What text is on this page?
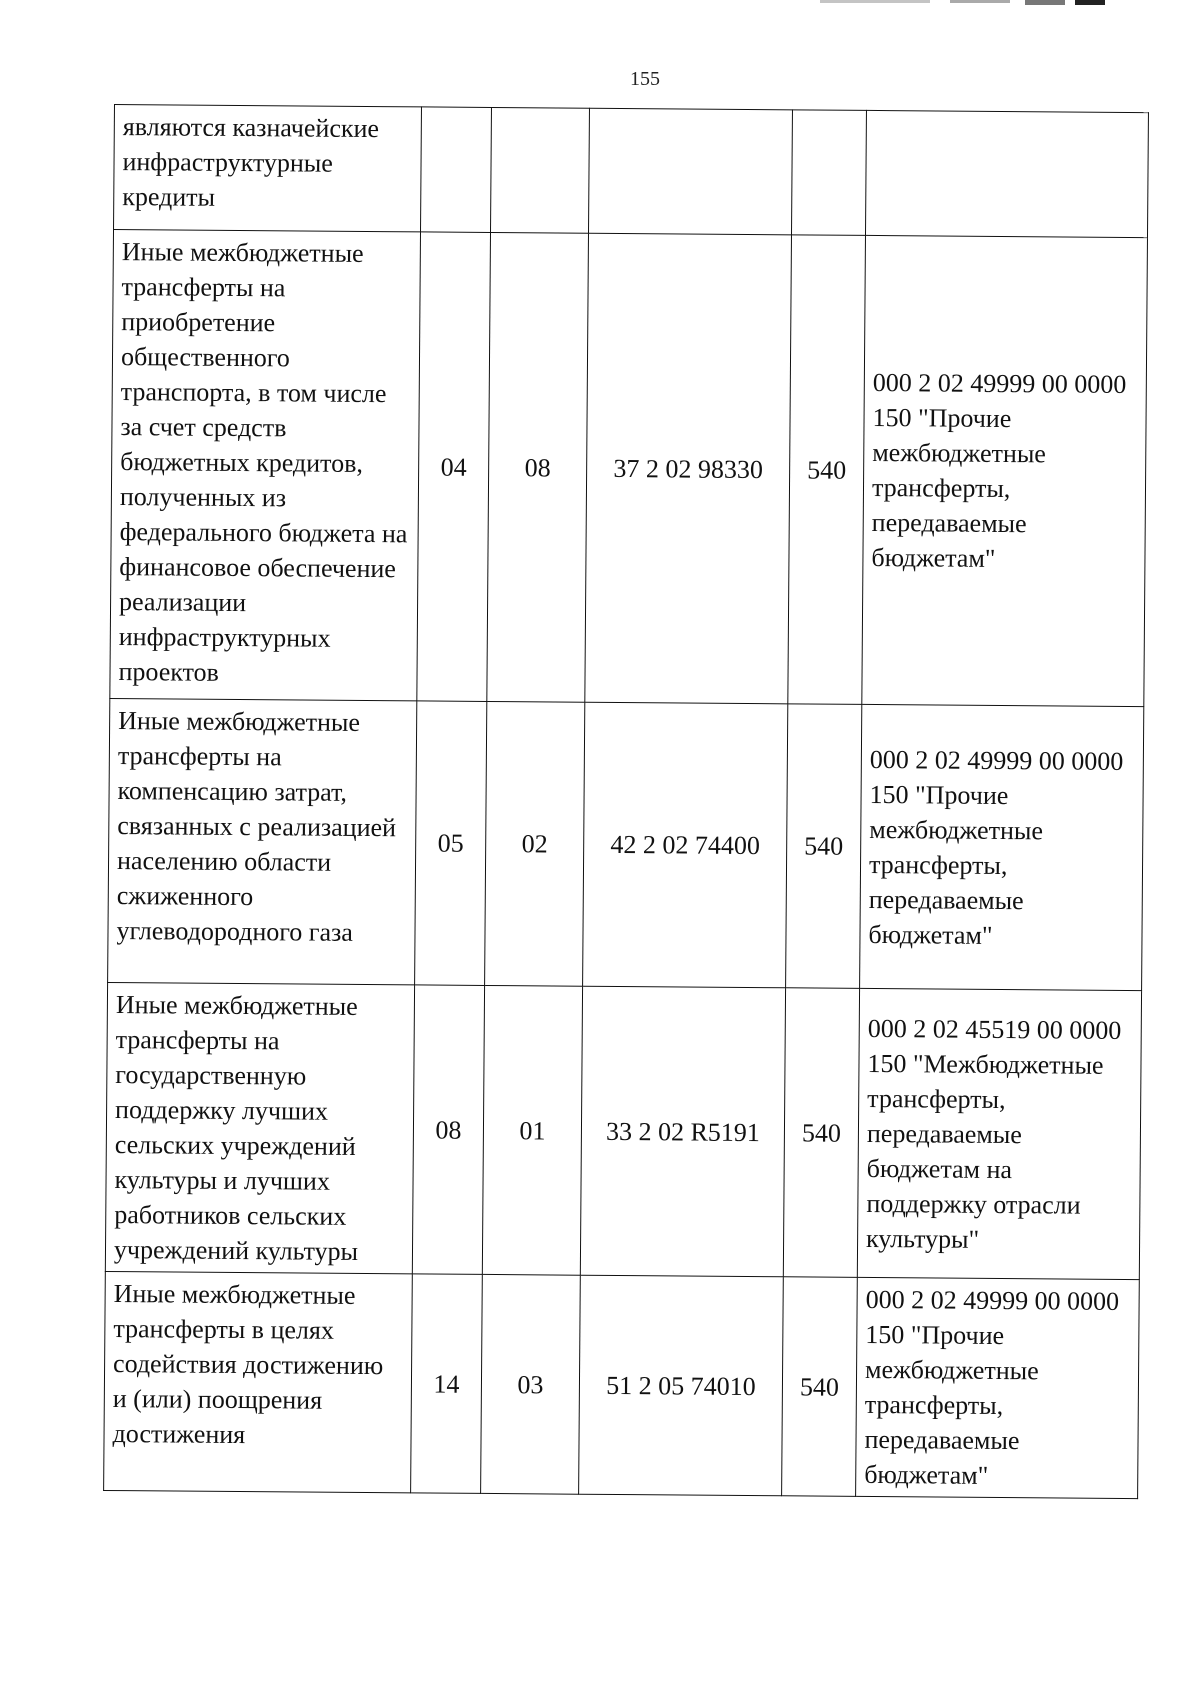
155
являются казначейские инфраструктурные кредиты					
Иные межбюджетные трансферты на приобретение общественного транспорта, в том числе за счет средств бюджетных кредитов, полученных из федерального бюджета на финансовое обеспечение реализации инфраструктурных проектов	04	08	37 2 02 98330	540	000 2 02 49999 00 0000 150 "Прочие межбюджетные трансферты, передаваемые бюджетам"
Иные межбюджетные трансферты на компенсацию затрат, связанных с реализацией населению области сжиженного углеводородного газа	05	02	42 2 02 74400	540	000 2 02 49999 00 0000 150 "Прочие межбюджетные трансферты, передаваемые бюджетам"
Иные межбюджетные трансферты на государственную поддержку лучших сельских учреждений культуры и лучших работников сельских учреждений культуры	08	01	33 2 02 R5191	540	000 2 02 45519 00 0000 150 "Межбюджетные трансферты, передаваемые бюджетам на поддержку отрасли культуры"
Иные межбюджетные трансферты в целях содействия достижению и (или) поощрения достижения	14	03	51 2 05 74010	540	000 2 02 49999 00 0000 150 "Прочие межбюджетные трансферты, передаваемые бюджетам"
